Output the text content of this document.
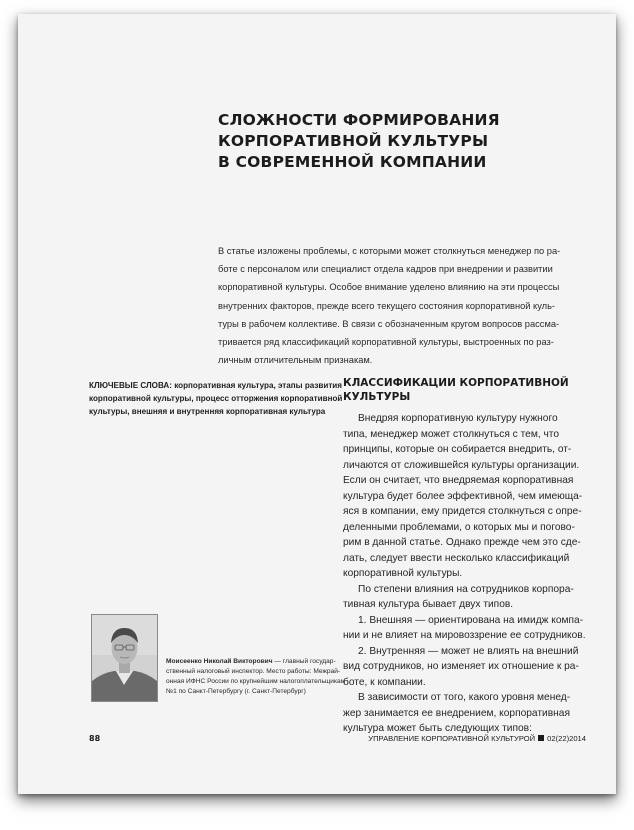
СЛОЖНОСТИ ФОРМИРОВАНИЯ
КОРПОРАТИВНОЙ КУЛЬТУРЫ
В СОВРЕМЕННОЙ КОМПАНИИ
В статье изложены проблемы, с которыми может столкнуться менеджер по ра-
боте с персоналом или специалист отдела кадров при внедрении и развитии
корпоративной культуры. Особое внимание уделено влиянию на эти процессы
внутренних факторов, прежде всего текущего состояния корпоративной куль-
туры в рабочем коллективе. В связи с обозначенным кругом вопросов рассма-
тривается ряд классификаций корпоративной культуры, выстроенных по раз-
личным отличительным признакам.
КЛЮЧЕВЫЕ СЛОВА: корпоративная культура, этапы развития
корпоративной культуры, процесс отторжения корпоративной
культуры, внешняя и внутренняя корпоративная культура
КЛАССИФИКАЦИИ КОРПОРАТИВНОЙ
КУЛЬТУРЫ
Внедряя корпоративную культуру нужного
типа, менеджер может столкнуться с тем, что
принципы, которые он собирается внедрить, от-
личаются от сложившейся культуры организации.
Если он считает, что внедряемая корпоративная
культура будет более эффективной, чем имеюща-
яся в компании, ему придется столкнуться с опре-
деленными проблемами, о которых мы и погово-
рим в данной статье. Однако прежде чем это сде-
лать, следует ввести несколько классификаций
корпоративной культуры.
По степени влияния на сотрудников корпора-
тивная культура бывает двух типов.
1. Внешняя — ориентирована на имидж компа-
нии и не влияет на мировоззрение ее сотрудников.
2. Внутренняя — может не влиять на внешний
вид сотрудников, но изменяет их отношение к ра-
боте, к компании.
В зависимости от того, какого уровня менед-
жер занимается ее внедрением, корпоративная
культура может быть следующих типов:
Моисеенко Николай Викторович — главный государ-
ственный налоговый инспектор. Место работы: Межрай-
онная ИФНС России по крупнейшим налогоплательщикам
№1 по Санкт-Петербургу (г. Санкт-Петербург)
88	УПРАВЛЕНИЕ КОРПОРАТИВНОЙ КУЛЬТУРОЙ 02(22)2014
